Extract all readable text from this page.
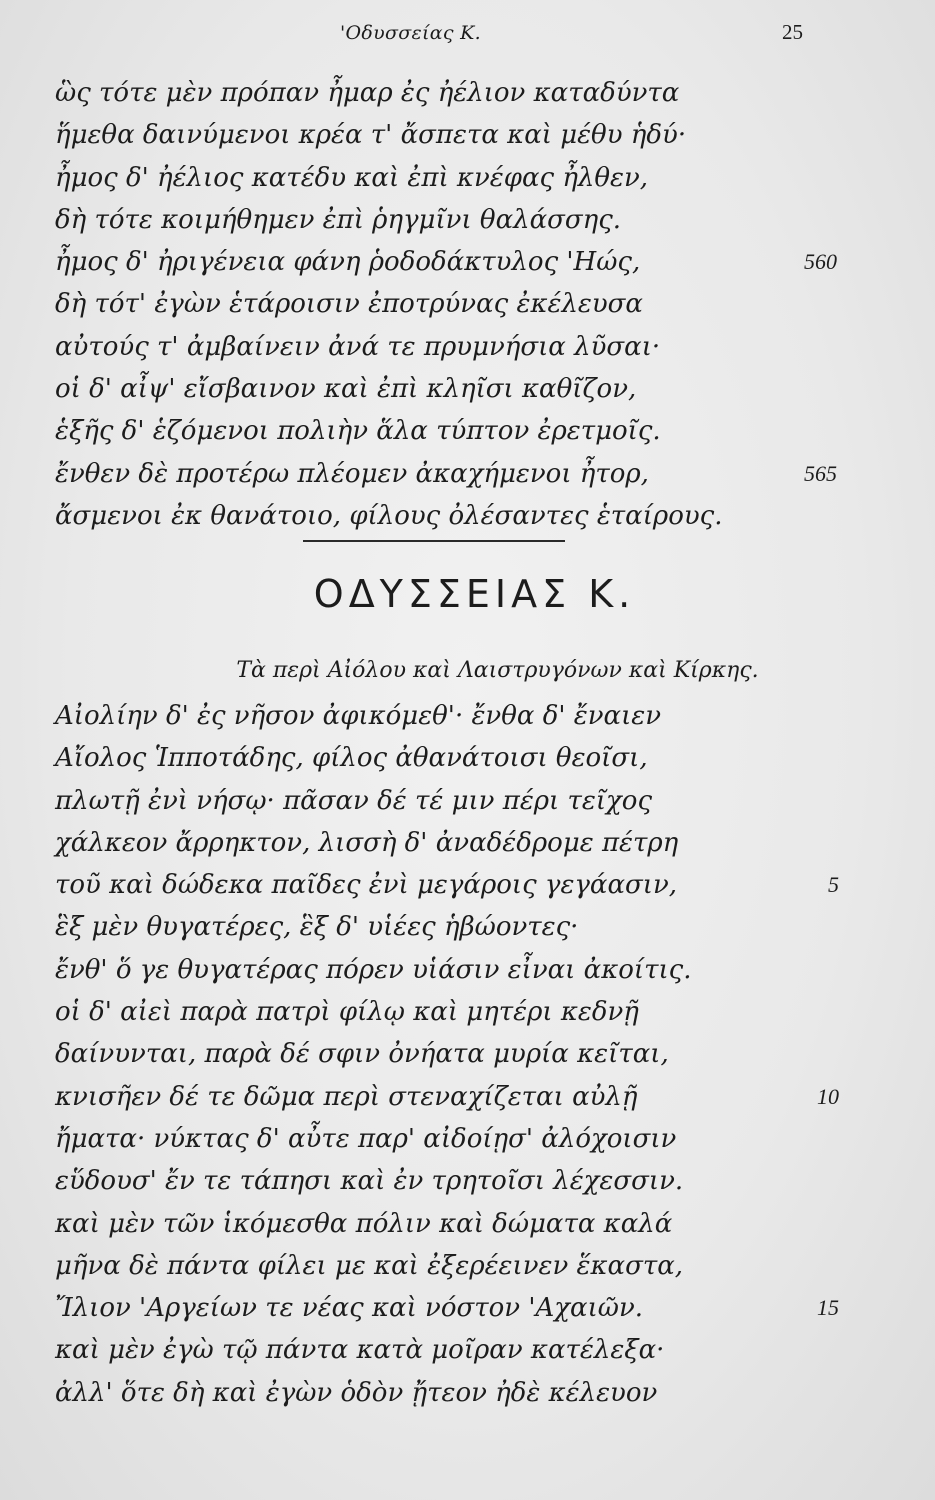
'Οδυσσείας Κ.	25
ὣς τότε μὲν πρόπαν ἦμαρ ἐς ἠέλιον καταδύντα
ἥμεθα δαινύμενοι κρέα τ' ἄσπετα καὶ μέθυ ἡδύ·
ἦμος δ' ἠέλιος κατέδυ καὶ ἐπὶ κνέφας ἦλθεν,
δὴ τότε κοιμήθημεν ἐπὶ ῥηγμῖνι θαλάσσης.
ἦμος δ' ἠριγένεια φάνη ῥοδοδάκτυλος 'Ηώς,	560
δὴ τότ' ἐγὼν ἑτάροισιν ἐποτρύνας ἐκέλευσα
αὐτούς τ' ἀμβαίνειν ἀνά τε πρυμνήσια λῦσαι·
οἱ δ' αἶψ' εἴσβαινον καὶ ἐπὶ κληῖσι καθῖζον,
ἑξῆς δ' ἑζόμενοι πολιὴν ἅλα τύπτον ἐρετμοῖς.
ἔνθεν δὲ προτέρω πλέομεν ἀκαχήμενοι ἦτορ,	565
ἄσμενοι ἐκ θανάτοιο, φίλους ὀλέσαντες ἑταίρους.
ΟΔΥΣΣΕΙΑΣ Κ.
Τὰ περὶ Αἰόλου καὶ Λαιστρυγόνων καὶ Κίρκης.
Αἰολίην δ' ἐς νῆσον ἀφικόμεθ'· ἔνθα δ' ἔναιεν
Αἴολος Ἱπποτάδης, φίλος ἀθανάτοισι θεοῖσι,
πλωτῇ ἐνὶ νήσῳ· πᾶσαν δέ τέ μιν πέρι τεῖχος
χάλκεον ἄρρηκτον, λισσὴ δ' ἀναδέδρομε πέτρη
τοῦ καὶ δώδεκα παῖδες ἐνὶ μεγάροις γεγάασιν,	5
ἓξ μὲν θυγατέρες, ἓξ δ' υἱέες ἡβώοντες·
ἔνθ' ὅ γε θυγατέρας πόρεν υἱάσιν εἶναι ἀκοίτις.
οἱ δ' αἰεὶ παρὰ πατρὶ φίλῳ καὶ μητέρι κεδνῇ
δαίνυνται, παρὰ δέ σφιν ὀνήατα μυρία κεῖται,
κνισῆεν δέ τε δῶμα περὶ στεναχίζεται αὐλῇ	10
ἤματα· νύκτας δ' αὖτε παρ' αἰδοίῃσ' ἀλόχοισιν
εὕδουσ' ἔν τε τάπησι καὶ ἐν τρητοῖσι λέχεσσιν.
καὶ μὲν τῶν ἱκόμεσθα πόλιν καὶ δώματα καλά
μῆνα δὲ πάντα φίλει με καὶ ἐξερέεινεν ἕκαστα,
Ἴλιον 'Αργείων τε νέας καὶ νόστον 'Αχαιῶν.	15
καὶ μὲν ἐγὼ τῷ πάντα κατὰ μοῖραν κατέλεξα·
ἀλλ' ὅτε δὴ καὶ ἐγὼν ὁδὸν ᾔτεον ἠδὲ κέλευον
